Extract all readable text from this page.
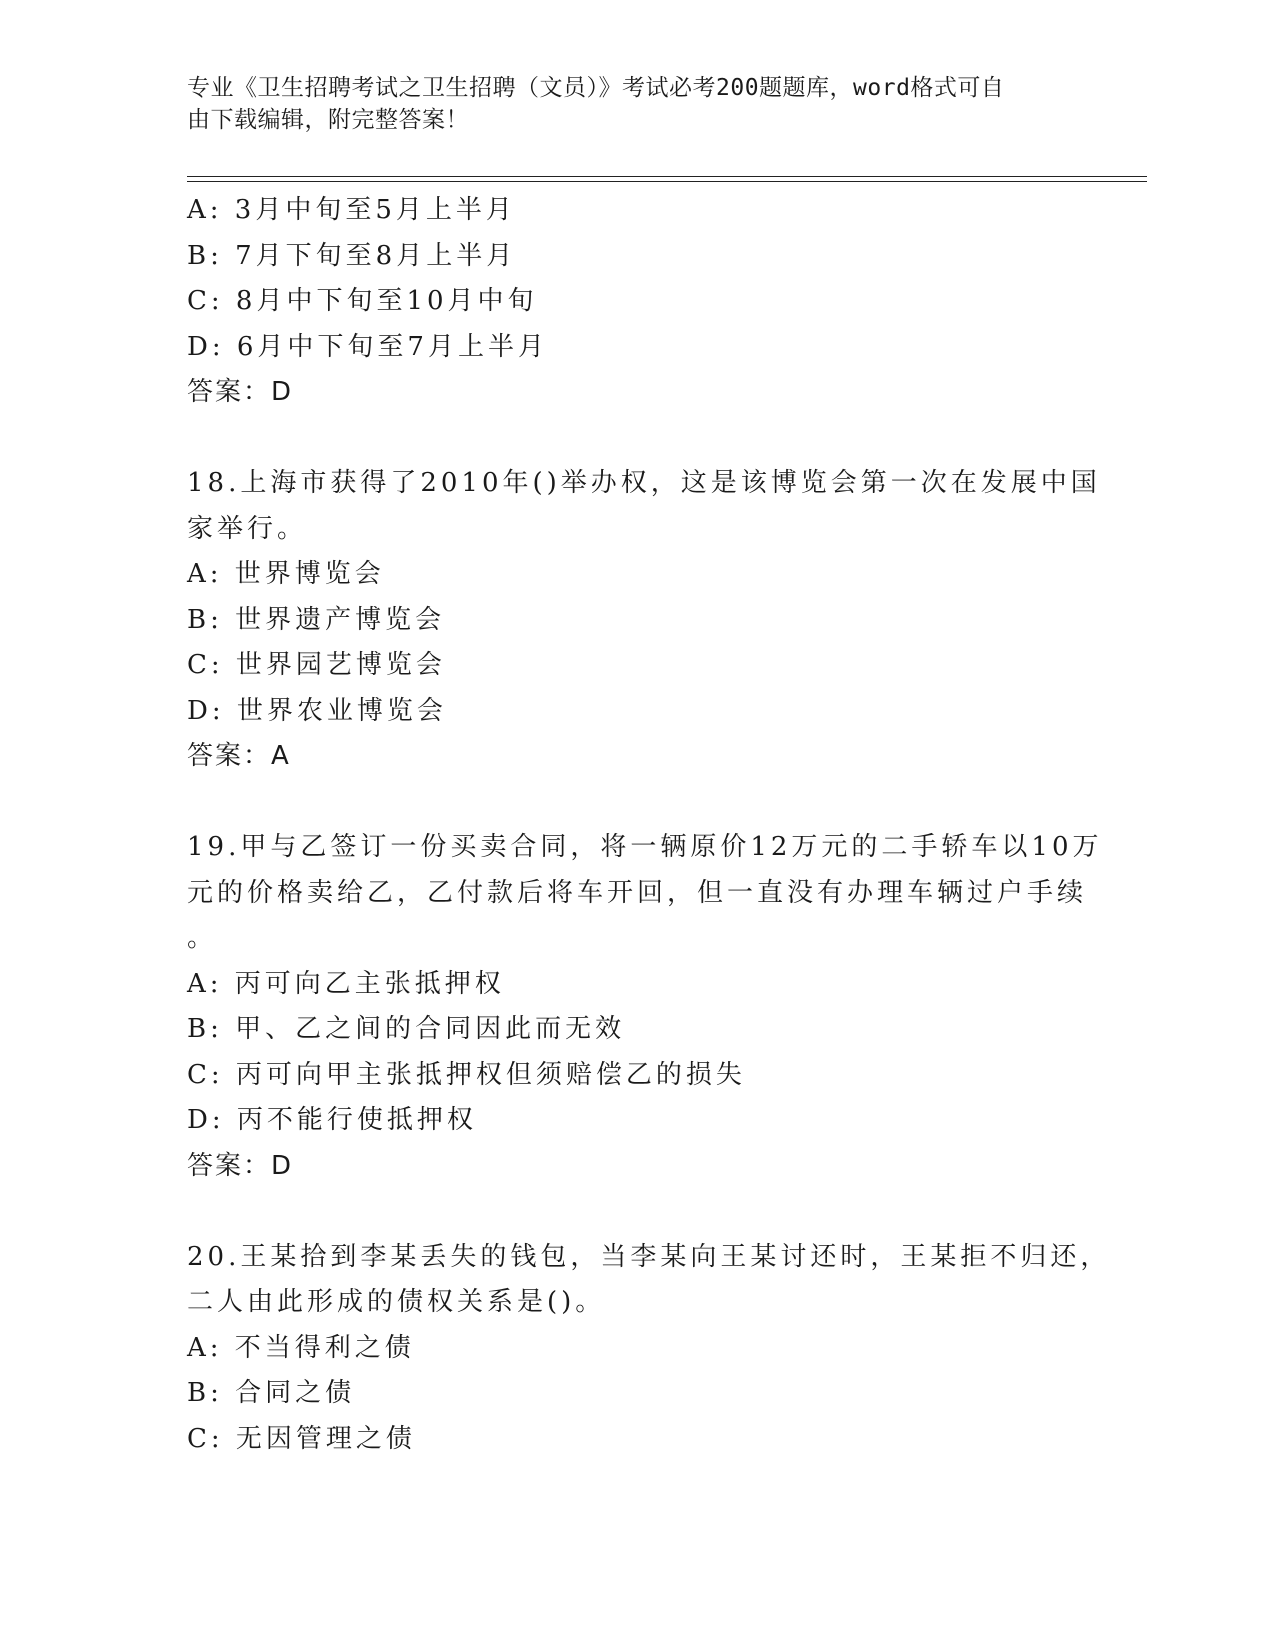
专业《卫生招聘考试之卫生招聘（文员）》考试必考200题题库，word格式可自
由下载编辑，附完整答案！
A: 3月中旬至5月上半月
B: 7月下旬至8月上半月
C: 8月中下旬至10月中旬
D: 6月中下旬至7月上半月
答案：D
18.上海市获得了2010年()举办权，这是该博览会第一次在发展中国
家举行。
A: 世界博览会
B: 世界遗产博览会
C: 世界园艺博览会
D: 世界农业博览会
答案：A
19.甲与乙签订一份买卖合同，将一辆原价12万元的二手轿车以10万
元的价格卖给乙，乙付款后将车开回，但一直没有办理车辆过户手续
。
A: 丙可向乙主张抵押权
B: 甲、乙之间的合同因此而无效
C: 丙可向甲主张抵押权但须赔偿乙的损失
D: 丙不能行使抵押权
答案：D
20.王某拾到李某丢失的钱包，当李某向王某讨还时，王某拒不归还，
二人由此形成的债权关系是()。
A: 不当得利之债
B: 合同之债
C: 无因管理之债
